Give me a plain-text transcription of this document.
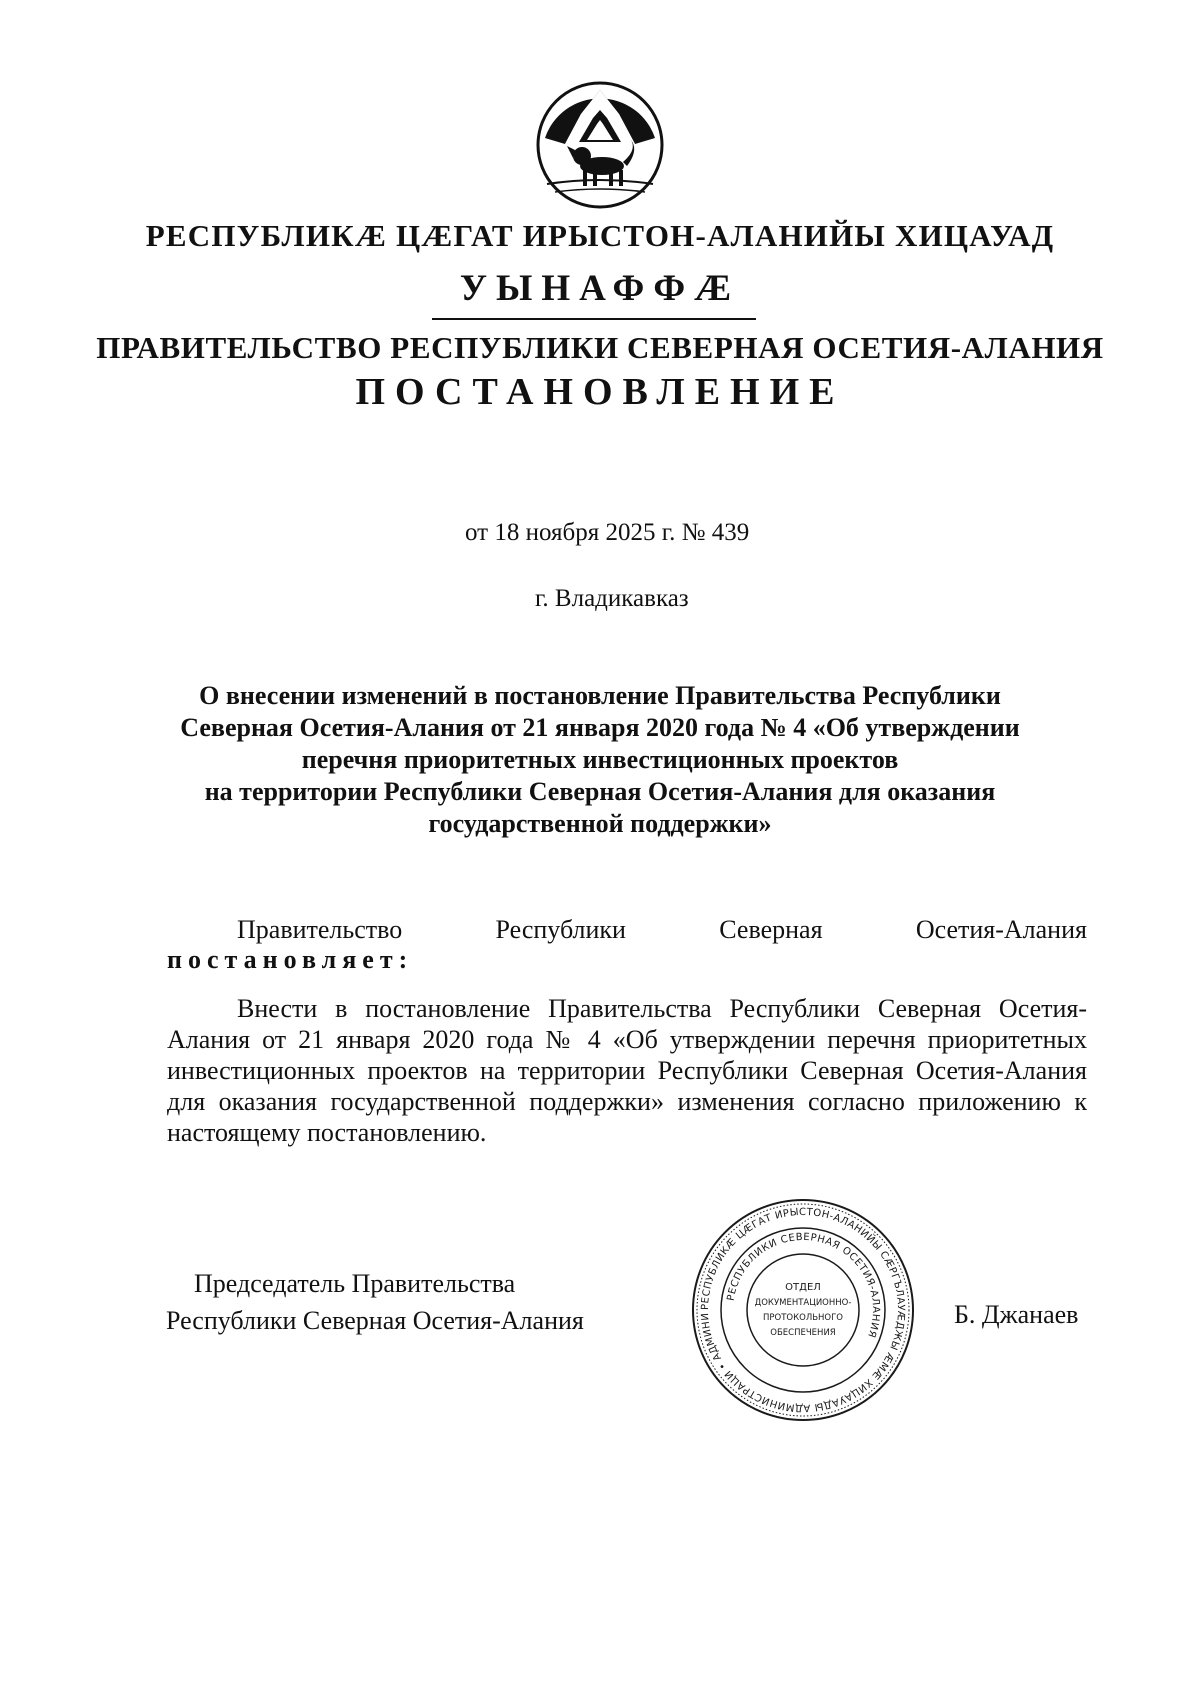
РЕСПУБЛИКӔ ЦӔГАТ ИРЫСТОН-АЛАНИЙЫ ХИЦАУАД
УЫНАФФӔ
ПРАВИТЕЛЬСТВО РЕСПУБЛИКИ СЕВЕРНАЯ ОСЕТИЯ-АЛАНИЯ
ПОСТАНОВЛЕНИЕ
от 18 ноября 2025 г. № 439
г. Владикавказ
О внесении изменений в постановление Правительства Республики
Северная Осетия-Алания от 21 января 2020 года № 4 «Об утверждении
перечня приоритетных инвестиционных проектов
на территории Республики Северная Осетия-Алания для оказания
государственной поддержки»
Правительство	Республики	Северная	Осетия-Алания
постановляет:
Внести в постановление Правительства Республики Северная Осетия-Алания от 21 января 2020 года № 4 «Об утверждении перечня приоритетных инвестиционных проектов на территории Республики Северная Осетия-Алания для оказания государственной поддержки» изменения согласно приложению к настоящему постановлению.
Председатель Правительства
Республики Северная Осетия-Алания	Б. Джанаев
РЕСПУБЛИКӔ ЦӔГАТ ИРЫСТОН-АЛАНИЙЫ СӔРГЪЛАУӔДЖЫ ӔМӔ ХИЦАУАДЫ АДМИНИСТРАЦИ • АДМИНИ
РЕСПУБЛИКИ СЕВЕРНАЯ ОСЕТИЯ-АЛАНИЯ
ОТДЕЛ
ДОКУМЕНТАЦИОННО-
ПРОТОКОЛЬНОГО
ОБЕСПЕЧЕНИЯ
